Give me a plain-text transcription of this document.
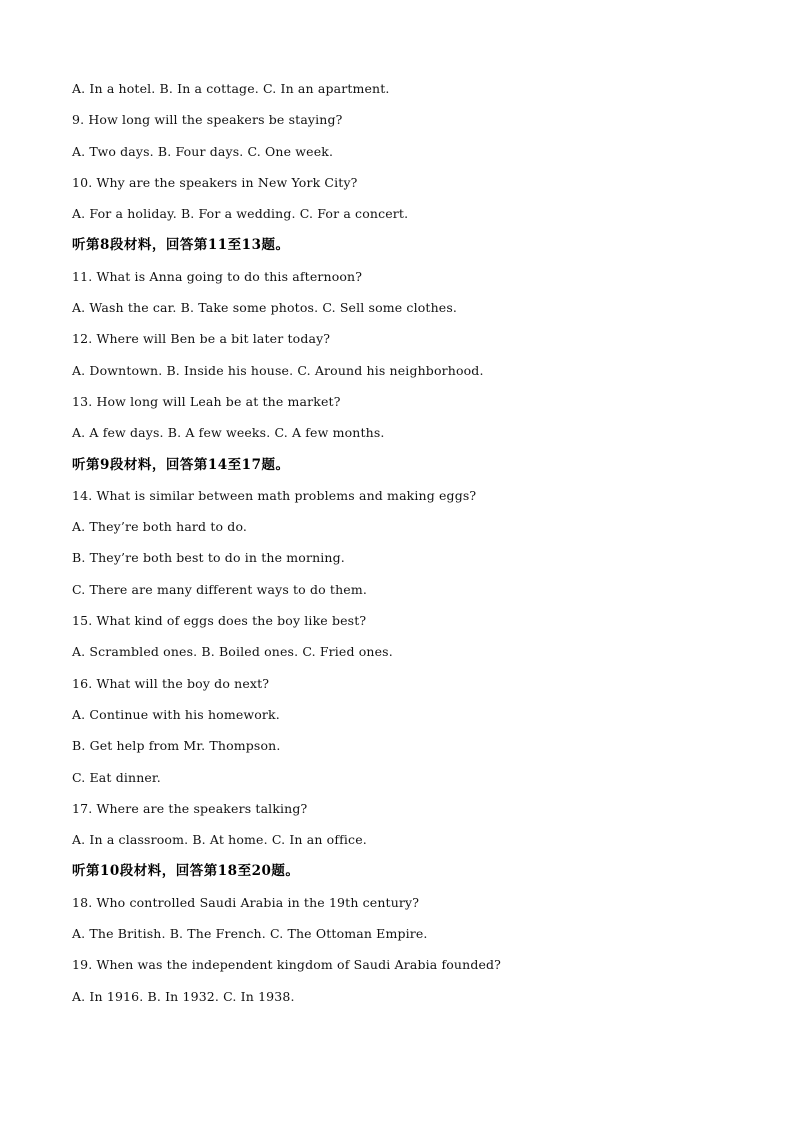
A. In a hotel. B. In a cottage. C. In an apartment.
9. How long will the speakers be staying?
A. Two days. B. Four days. C. One week.
10. Why are the speakers in New York City?
A. For a holiday. B. For a wedding. C. For a concert.
听第8段材料，回答第11至13题。
11. What is Anna going to do this afternoon?
A. Wash the car. B. Take some photos. C. Sell some clothes.
12. Where will Ben be a bit later today?
A. Downtown. B. Inside his house. C. Around his neighborhood.
13. How long will Leah be at the market?
A. A few days. B. A few weeks. C. A few months.
听第9段材料，回答第14至17题。
14. What is similar between math problems and making eggs?
A. They’re both hard to do.
B. They’re both best to do in the morning.
C. There are many different ways to do them.
15. What kind of eggs does the boy like best?
A. Scrambled ones. B. Boiled ones. C. Fried ones.
16. What will the boy do next?
A. Continue with his homework.
B. Get help from Mr. Thompson.
C. Eat dinner.
17. Where are the speakers talking?
A. In a classroom. B. At home. C. In an office.
听第10段材料，回答第18至20题。
18. Who controlled Saudi Arabia in the 19th century?
A. The British. B. The French. C. The Ottoman Empire.
19. When was the independent kingdom of Saudi Arabia founded?
A. In 1916. B. In 1932. C. In 1938.
